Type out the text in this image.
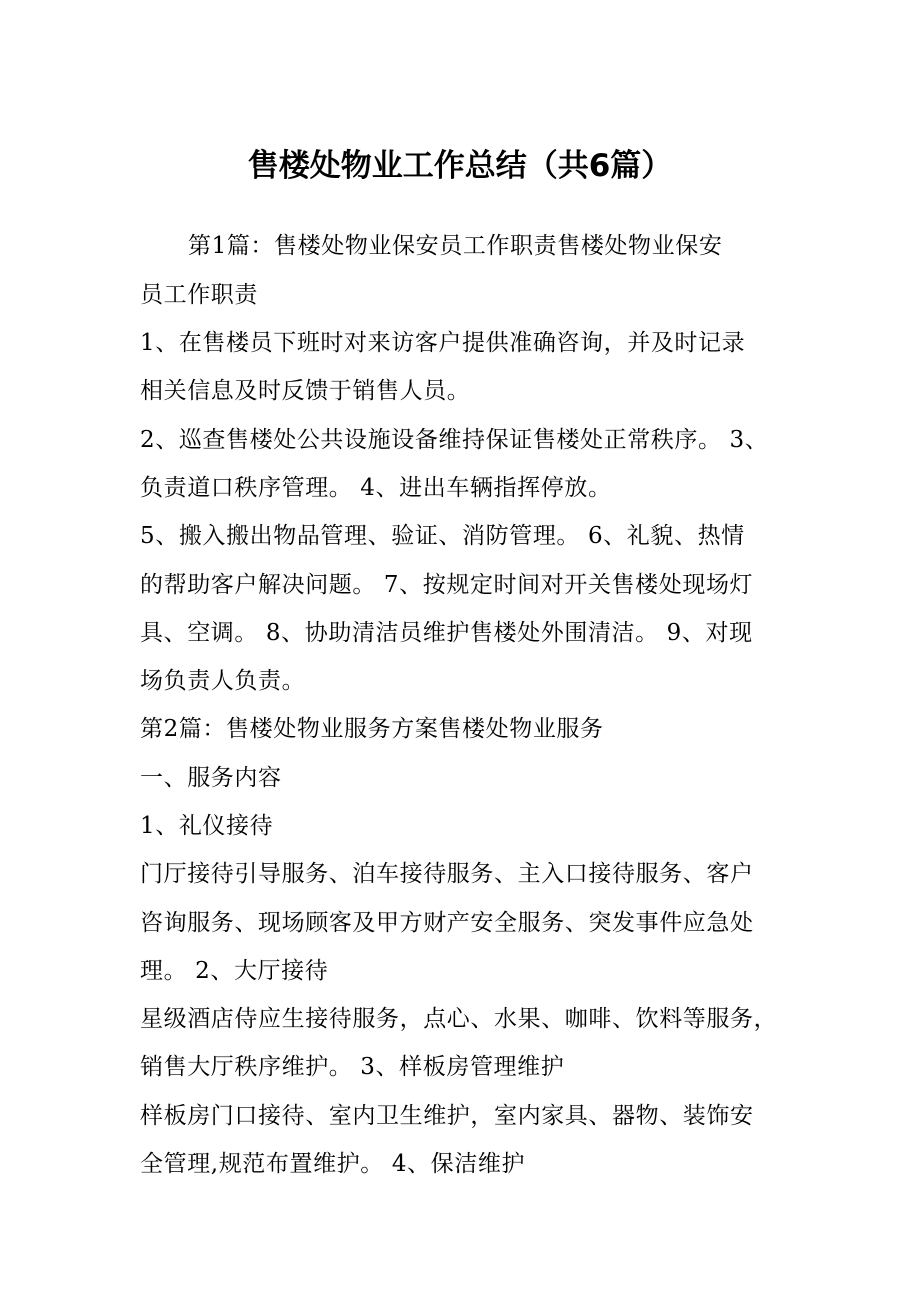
售楼处物业工作总结（共6篇）
第1篇：售楼处物业保安员工作职责售楼处物业保安
员工作职责
1、在售楼员下班时对来访客户提供准确咨询，并及时记录
相关信息及时反馈于销售人员。
2、巡查售楼处公共设施设备维持保证售楼处正常秩序。 3、
负责道口秩序管理。 4、进出车辆指挥停放。
5、搬入搬出物品管理、验证、消防管理。 6、礼貌、热情
的帮助客户解决问题。 7、按规定时间对开关售楼处现场灯
具、空调。 8、协助清洁员维护售楼处外围清洁。 9、对现
场负责人负责。
第2篇：售楼处物业服务方案售楼处物业服务
一、服务内容
1、礼仪接待
门厅接待引导服务、泊车接待服务、主入口接待服务、客户
咨询服务、现场顾客及甲方财产安全服务、突发事件应急处
理。 2、大厅接待
星级酒店侍应生接待服务，点心、水果、咖啡、饮料等服务，
销售大厅秩序维护。 3、样板房管理维护
样板房门口接待、室内卫生维护，室内家具、器物、装饰安
全管理,规范布置维护。 4、保洁维护
